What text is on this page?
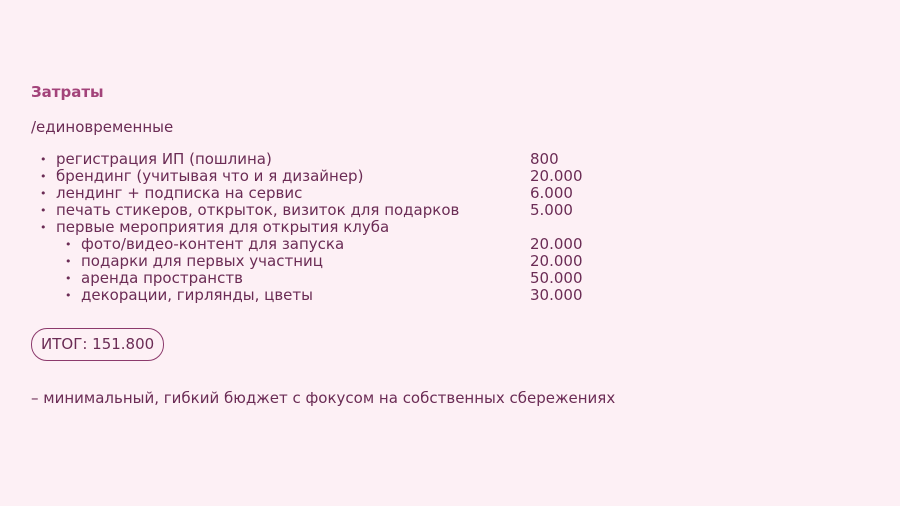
Затраты
/единовременные
• регистрация ИП (пошлина)	800
• брендинг (учитывая что и я дизайнер)	20.000
• лендинг + подписка на сервис	6.000
• печать стикеров, открыток, визиток для подарков	5.000
• первые мероприятия для открытия клуба
• фото/видео-контент для запуска	20.000
• подарки для первых участниц	20.000
• аренда пространств	50.000
• декорации, гирлянды, цветы	30.000
ИТОГ: 151.800
– минимальный, гибкий бюджет с фокусом на собственных сбережениях
